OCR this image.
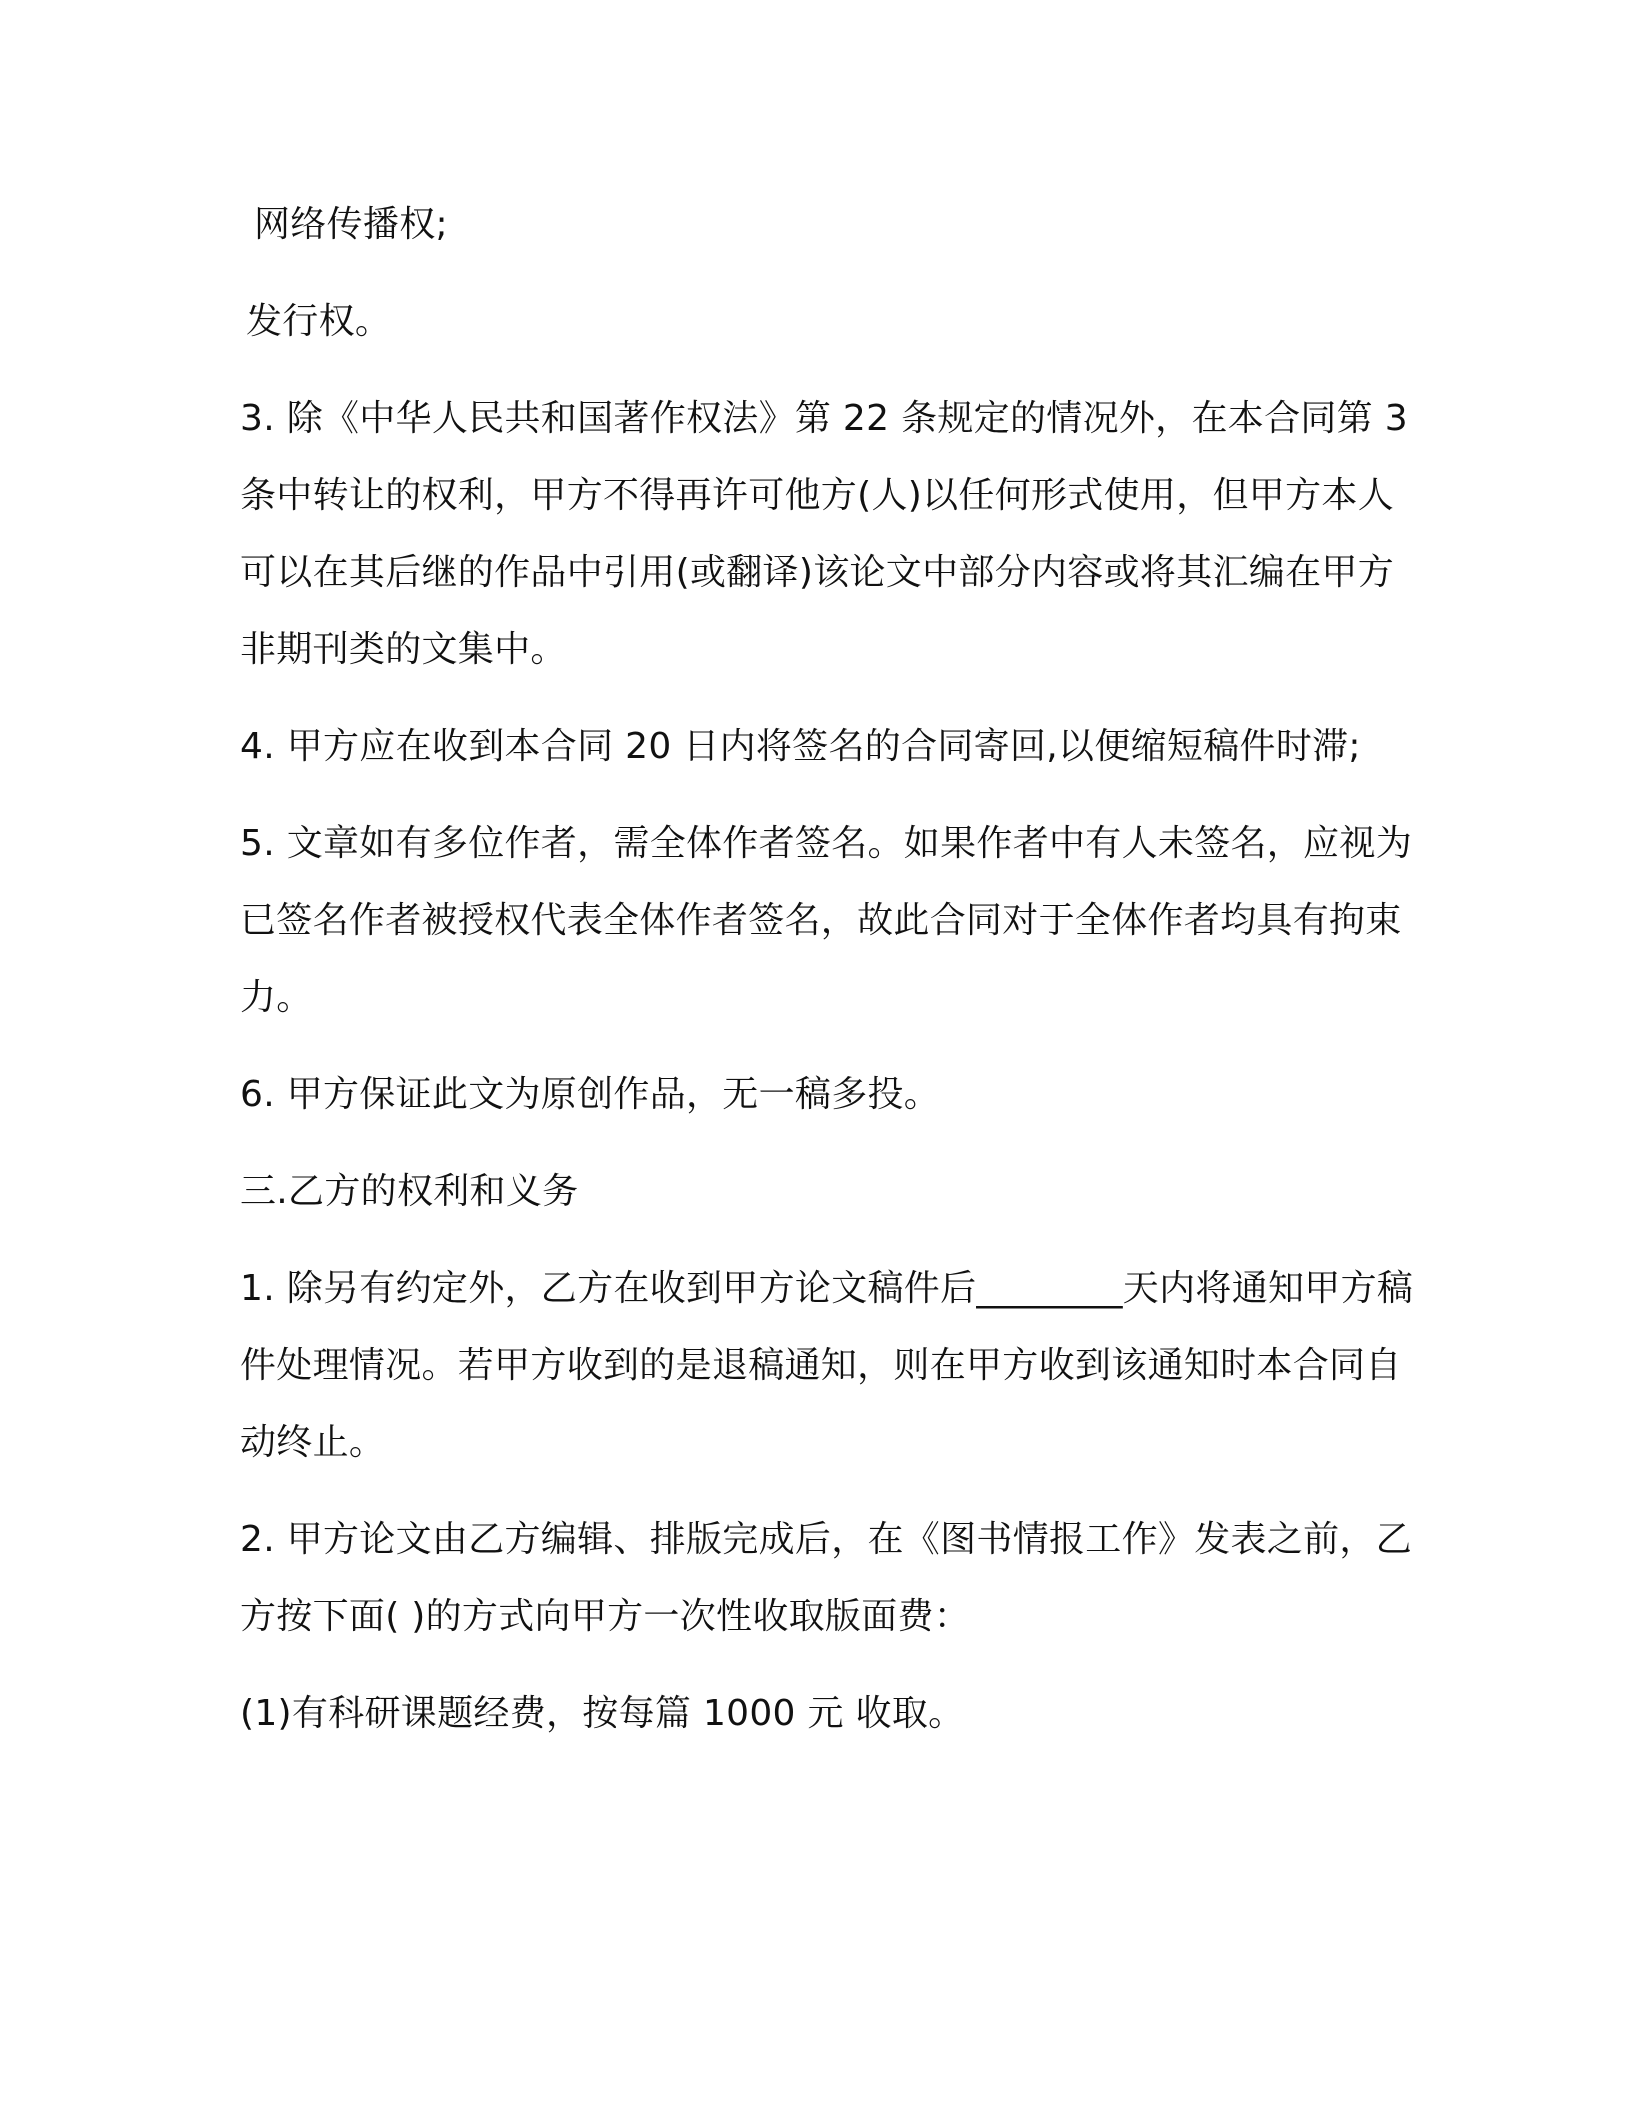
网络传播权;

发行权。

3. 除《中华人民共和国著作权法》第 22 条规定的情况外，在本合同第 3 条中转让的权利，甲方不得再许可他方(人)以任何形式使用，但甲方本人可以在其后继的作品中引用(或翻译)该论文中部分内容或将其汇编在甲方非期刊类的文集中。

4. 甲方应在收到本合同 20 日内将签名的合同寄回,以便缩短稿件时滞;

5. 文章如有多位作者，需全体作者签名。如果作者中有人未签名，应视为已签名作者被授权代表全体作者签名，故此合同对于全体作者均具有拘束力。

6. 甲方保证此文为原创作品，无一稿多投。

三.乙方的权利和义务

1. 除另有约定外，乙方在收到甲方论文稿件后________天内将通知甲方稿件处理情况。若甲方收到的是退稿通知，则在甲方收到该通知时本合同自动终止。

2. 甲方论文由乙方编辑、排版完成后，在《图书情报工作》发表之前，乙方按下面( )的方式向甲方一次性收取版面费：

(1)有科研课题经费，按每篇 1000 元 收取。
